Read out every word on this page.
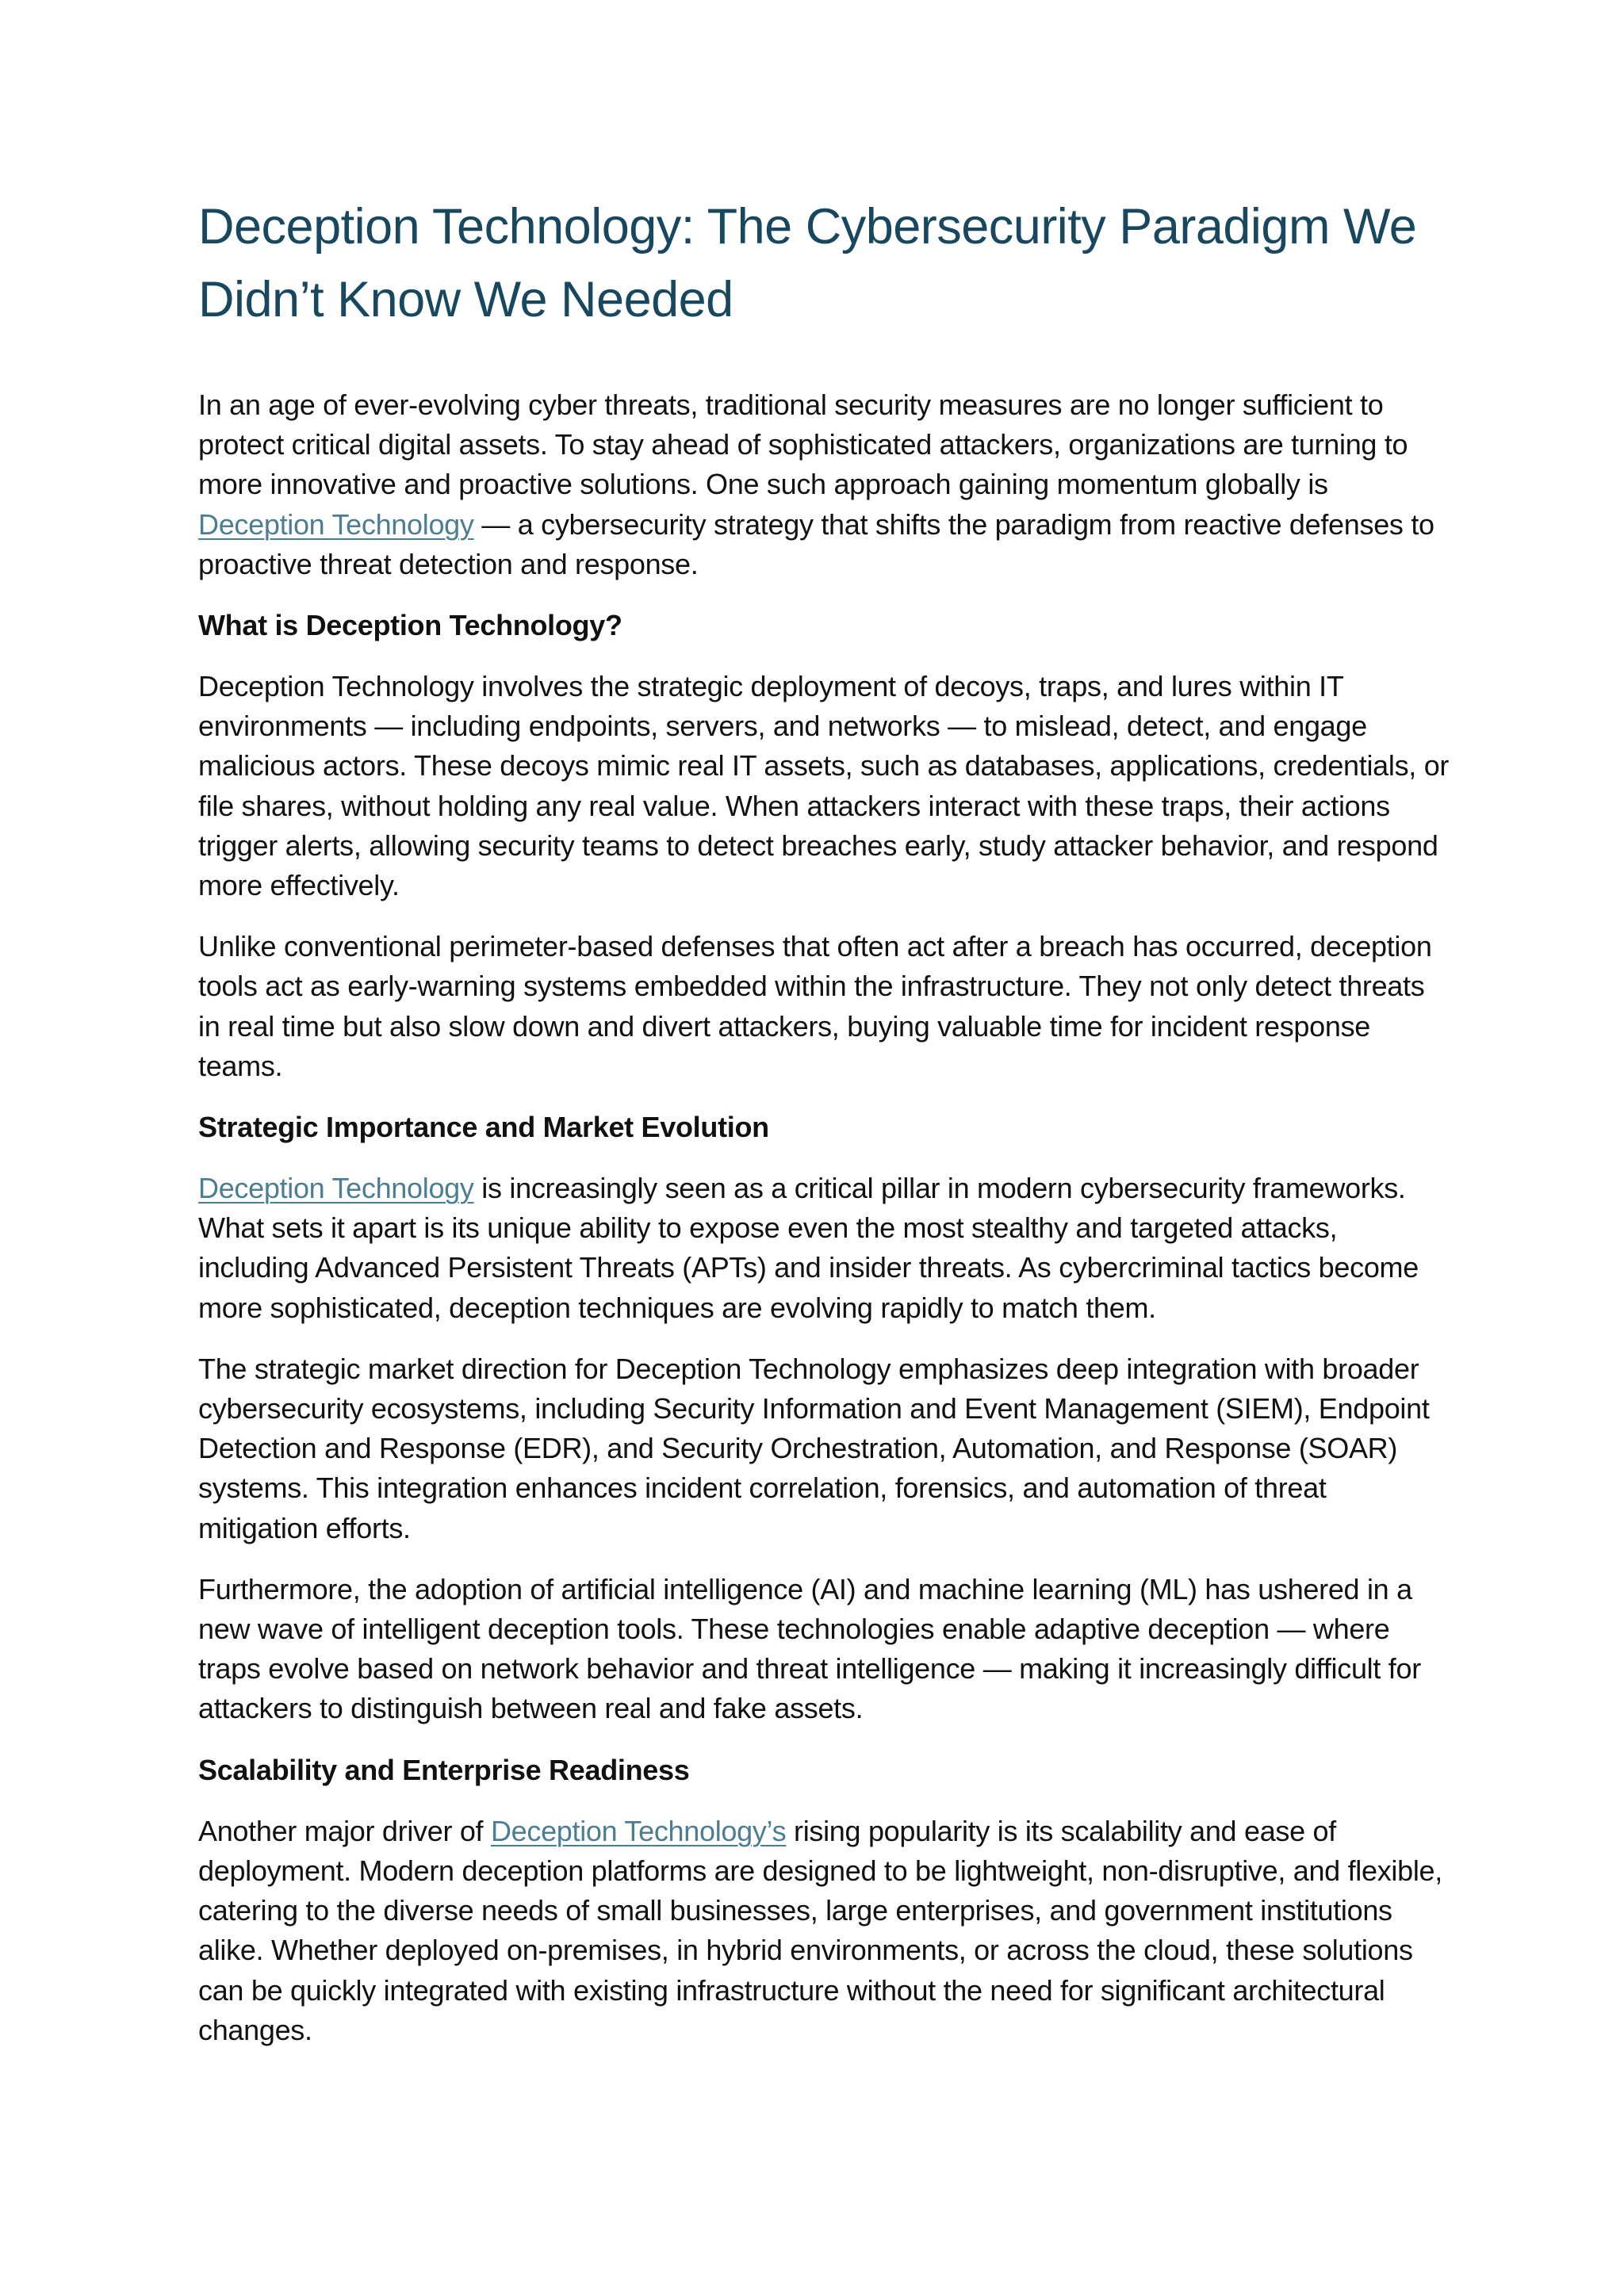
Deception Technology: The Cybersecurity Paradigm We Didn’t Know We Needed

In an age of ever-evolving cyber threats, traditional security measures are no longer sufficient to protect critical digital assets. To stay ahead of sophisticated attackers, organizations are turning to more innovative and proactive solutions. One such approach gaining momentum globally is Deception Technology — a cybersecurity strategy that shifts the paradigm from reactive defenses to proactive threat detection and response.

What is Deception Technology?

Deception Technology involves the strategic deployment of decoys, traps, and lures within IT environments — including endpoints, servers, and networks — to mislead, detect, and engage malicious actors. These decoys mimic real IT assets, such as databases, applications, credentials, or file shares, without holding any real value. When attackers interact with these traps, their actions trigger alerts, allowing security teams to detect breaches early, study attacker behavior, and respond more effectively.

Unlike conventional perimeter-based defenses that often act after a breach has occurred, deception tools act as early-warning systems embedded within the infrastructure. They not only detect threats in real time but also slow down and divert attackers, buying valuable time for incident response teams.

Strategic Importance and Market Evolution

Deception Technology is increasingly seen as a critical pillar in modern cybersecurity frameworks. What sets it apart is its unique ability to expose even the most stealthy and targeted attacks, including Advanced Persistent Threats (APTs) and insider threats. As cybercriminal tactics become more sophisticated, deception techniques are evolving rapidly to match them.

The strategic market direction for Deception Technology emphasizes deep integration with broader cybersecurity ecosystems, including Security Information and Event Management (SIEM), Endpoint Detection and Response (EDR), and Security Orchestration, Automation, and Response (SOAR) systems. This integration enhances incident correlation, forensics, and automation of threat mitigation efforts.

Furthermore, the adoption of artificial intelligence (AI) and machine learning (ML) has ushered in a new wave of intelligent deception tools. These technologies enable adaptive deception — where traps evolve based on network behavior and threat intelligence — making it increasingly difficult for attackers to distinguish between real and fake assets.

Scalability and Enterprise Readiness

Another major driver of Deception Technology’s rising popularity is its scalability and ease of deployment. Modern deception platforms are designed to be lightweight, non-disruptive, and flexible, catering to the diverse needs of small businesses, large enterprises, and government institutions alike. Whether deployed on-premises, in hybrid environments, or across the cloud, these solutions can be quickly integrated with existing infrastructure without the need for significant architectural changes.
